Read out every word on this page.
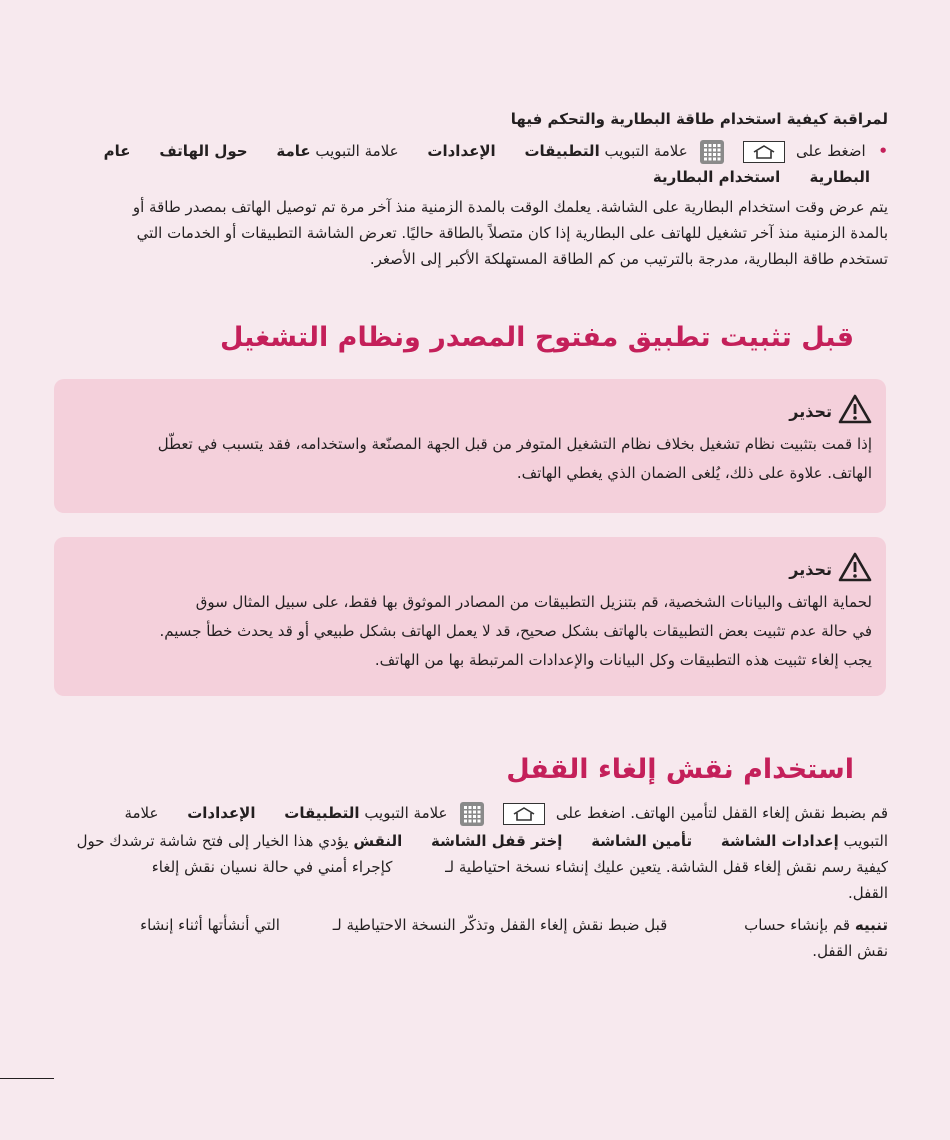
لمراقبة كيفية استخدام طاقة البطارية والتحكم فيها
• اضغط على

علامة التبويب التطبيقات الإعدادات علامة التبويب عامة حول الهاتف عام
البطارية استخدام البطارية
يتم عرض وقت استخدام البطارية على الشاشة. يعلمك الوقت بالمدة الزمنية منذ آخر مرة تم توصيل الهاتف بمصدر طاقة أو
بالمدة الزمنية منذ آخر تشغيل للهاتف على البطارية إذا كان متصلاً بالطاقة حاليًا. تعرض الشاشة التطبيقات أو الخدمات التي
تستخدم طاقة البطارية، مدرجة بالترتيب من كم الطاقة المستهلكة الأكبر إلى الأصغر.
قبل تثبيت تطبيق مفتوح المصدر ونظام التشغيل
تحذير
إذا قمت بتثبيت نظام تشغيل بخلاف نظام التشغيل المتوفر من قبل الجهة المصنّعة واستخدامه، فقد يتسبب في تعطّل
الهاتف. علاوة على ذلك، يُلغى الضمان الذي يغطي الهاتف.
تحذير
لحماية الهاتف والبيانات الشخصية، قم بتنزيل التطبيقات من المصادر الموثوق بها فقط، على سبيل المثال سوق
في حالة عدم تثبيت بعض التطبيقات بالهاتف بشكل صحيح، قد لا يعمل الهاتف بشكل طبيعي أو قد يحدث خطأ جسيم.
يجب إلغاء تثبيت هذه التطبيقات وكل البيانات والإعدادات المرتبطة بها من الهاتف.
استخدام نقش إلغاء القفل
قم بضبط نقش إلغاء القفل لتأمين الهاتف. اضغط على

علامة التبويب التطبيقات الإعدادات علامة
التبويب إعدادات الشاشة تأمين الشاشة إختر قفل الشاشة النقش يؤدي هذا الخيار إلى فتح شاشة ترشدك حول
كيفية رسم نقش إلغاء قفل الشاشة. يتعين عليك إنشاء نسخة احتياطية لـ كإجراء أمني في حالة نسيان نقش إلغاء
القفل.
تنبيه قم بإنشاء حساب قبل ضبط نقش إلغاء القفل وتذكّر النسخة الاحتياطية لـ التي أنشأتها أثناء إنشاء
نقش القفل.
